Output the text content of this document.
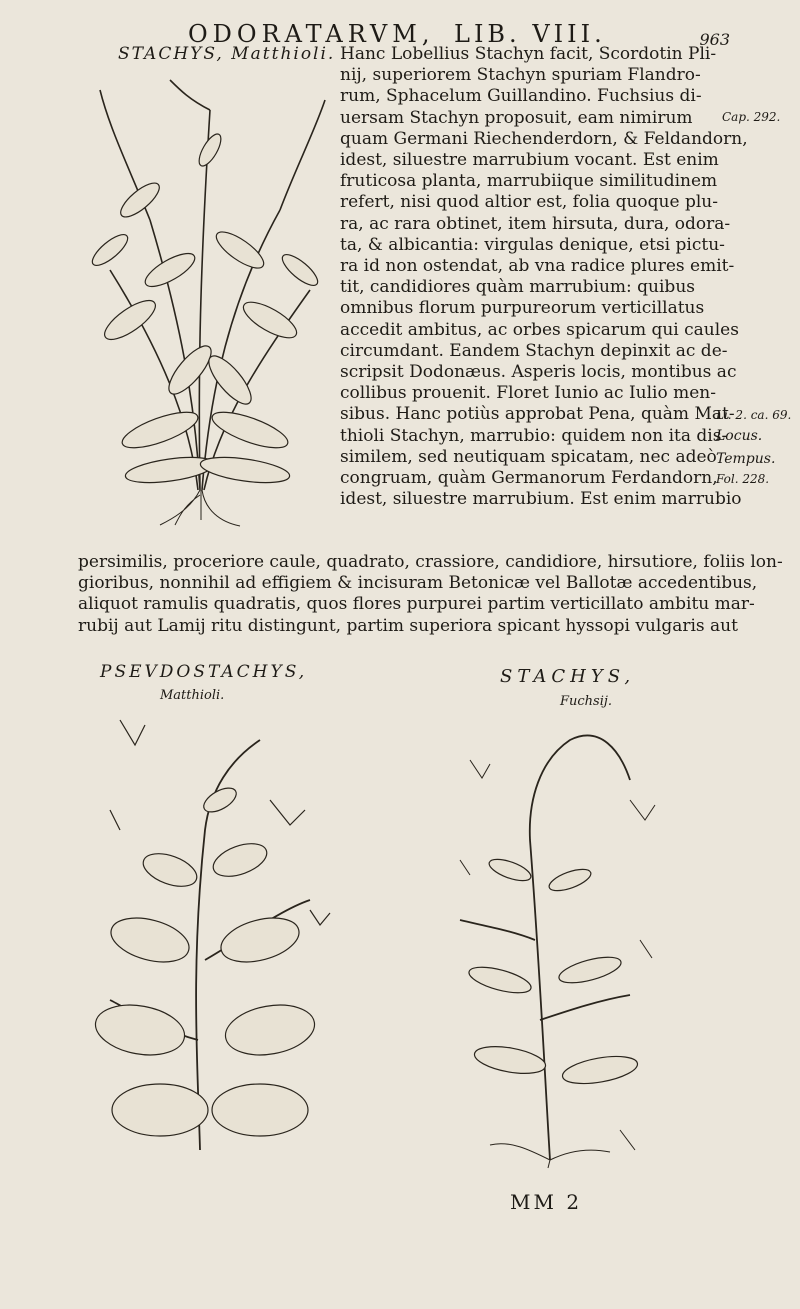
ODORATARVM, LIB. VIII.	963
STACHYS, Matthioli. Hanc Lobellius Stachyn facit, Scordotin Pli-
nij, superiorem Stachyn spuriam Flandro-
rum, Sphacelum Guillandino. Fuchsius di-
uersam Stachyn proposuit, eam nimirum
quam Germani Riechenderdorn, & Feldandorn,
idest, siluestre marrubium vocant. Est enim
fruticosa planta, marrubiique similitudinem
refert, nisi quod altior est, folia quoque plu-
ra, ac rara obtinet, item hirsuta, dura, odora-
ta, & albicantia: virgulas denique, etsi pictu-
ra id non ostendat, ab vna radice plures emit-
tit, candidiores quàm marrubium: quibus
omnibus florum purpureorum verticillatus
accedit ambitus, ac orbes spicarum qui caules
circumdant. Eandem Stachyn depinxit ac de-
scripsit Dodonæus. Asperis locis, montibus ac
collibus prouenit. Floret Iunio ac Iulio men-
sibus. Hanc potiùs approbat Pena, quàm Mat-
thioli Stachyn, marrubio: quidem non ita dis-
similem, sed neutiquam spicatam, nec adeò
congruam, quàm Germanorum Ferdandorn,
idest, siluestre marrubium. Est enim marrubio
Cap. 292.
Li. 2. ca. 69.
Locus.
Tempus.
Fol. 228.
persimilis, proceriore caule, quadrato, crassiore, candidiore, hirsutiore, foliis lon-
gioribus, nonnihil ad effigiem & incisuram Betonicæ vel Ballotæ accedentibus,
aliquot ramulis quadratis, quos flores purpurei partim verticillato ambitu mar-
rubij aut Lamij ritu distingunt, partim superiora spicant hyssopi vulgaris aut
PSEVDOSTACHYS,
Matthioli.
STACHYS,
Fuchsij.
MM 2
